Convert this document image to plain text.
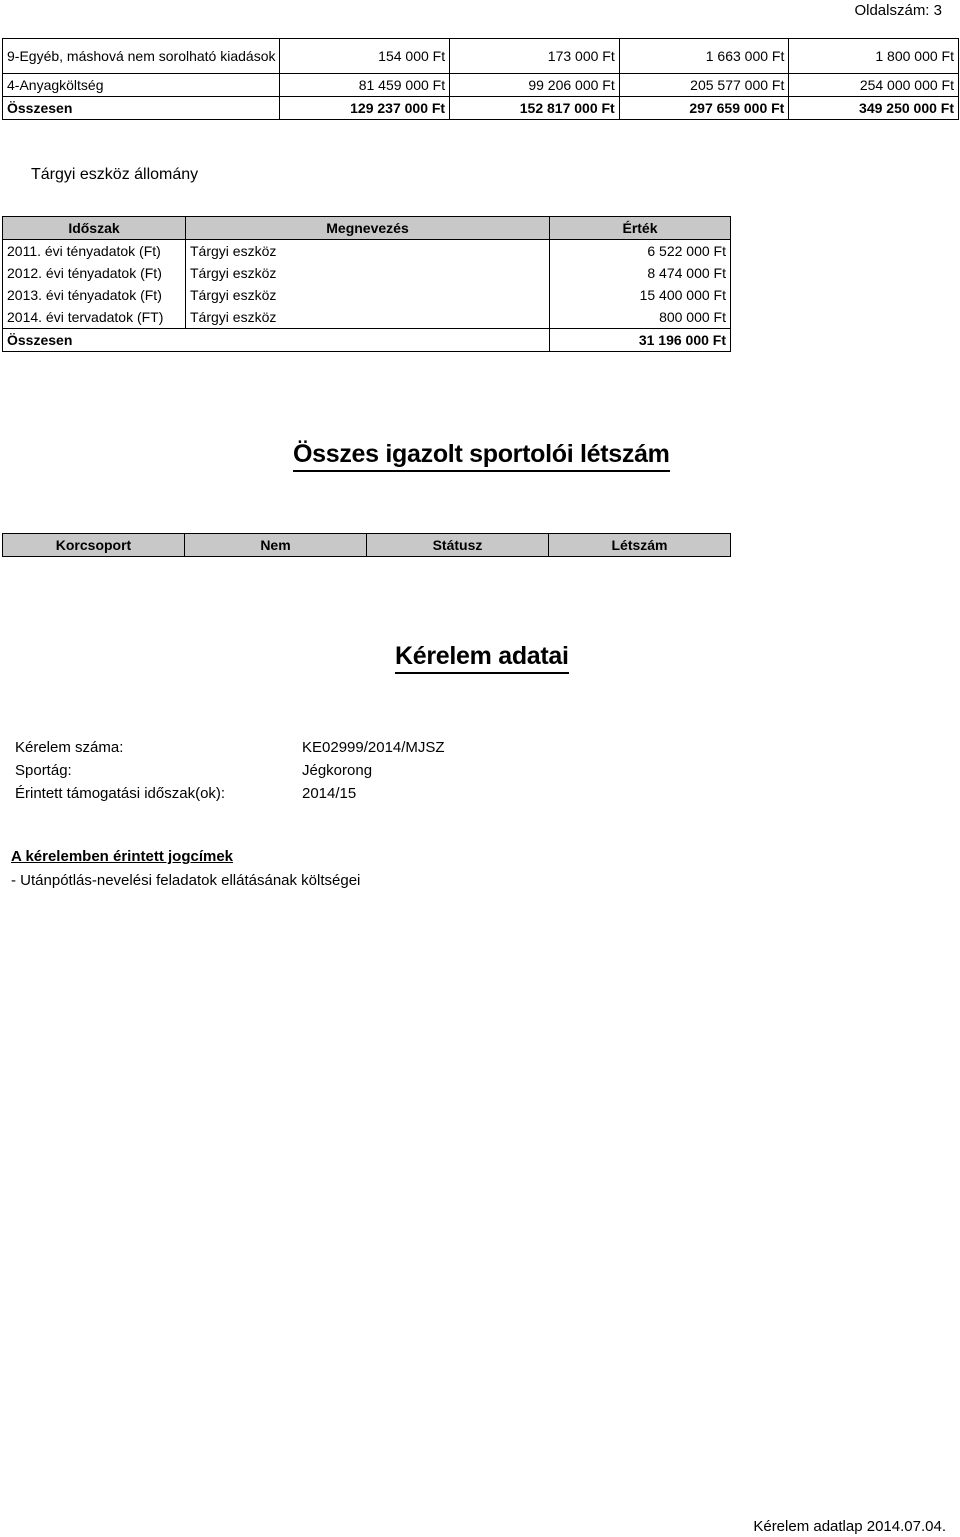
Oldalszám: 3
9-Egyéb, máshová nem sorolható kiadások	154 000 Ft	173 000 Ft	1 663 000 Ft	1 800 000 Ft
4-Anyagköltség	81 459 000 Ft	99 206 000 Ft	205 577 000 Ft	254 000 000 Ft
Összesen	129 237 000 Ft	152 817 000 Ft	297 659 000 Ft	349 250 000 Ft
Tárgyi eszköz állomány
Időszak	Megnevezés	Érték
2011. évi tényadatok (Ft)	Tárgyi eszköz	6 522 000 Ft
2012. évi tényadatok (Ft)	Tárgyi eszköz	8 474 000 Ft
2013. évi tényadatok (Ft)	Tárgyi eszköz	15 400 000 Ft
2014. évi tervadatok (FT)	Tárgyi eszköz	800 000 Ft
Összesen		31 196 000 Ft
Összes igazolt sportolói létszám
Korcsoport	Nem	Státusz	Létszám
Kérelem adatai
Kérelem száma:	KE02999/2014/MJSZ
Sportág:	Jégkorong
Érintett támogatási időszak(ok):	2014/15
A kérelemben érintett jogcímek
- Utánpótlás-nevelési feladatok ellátásának költségei
Kérelem adatlap 2014.07.04.
